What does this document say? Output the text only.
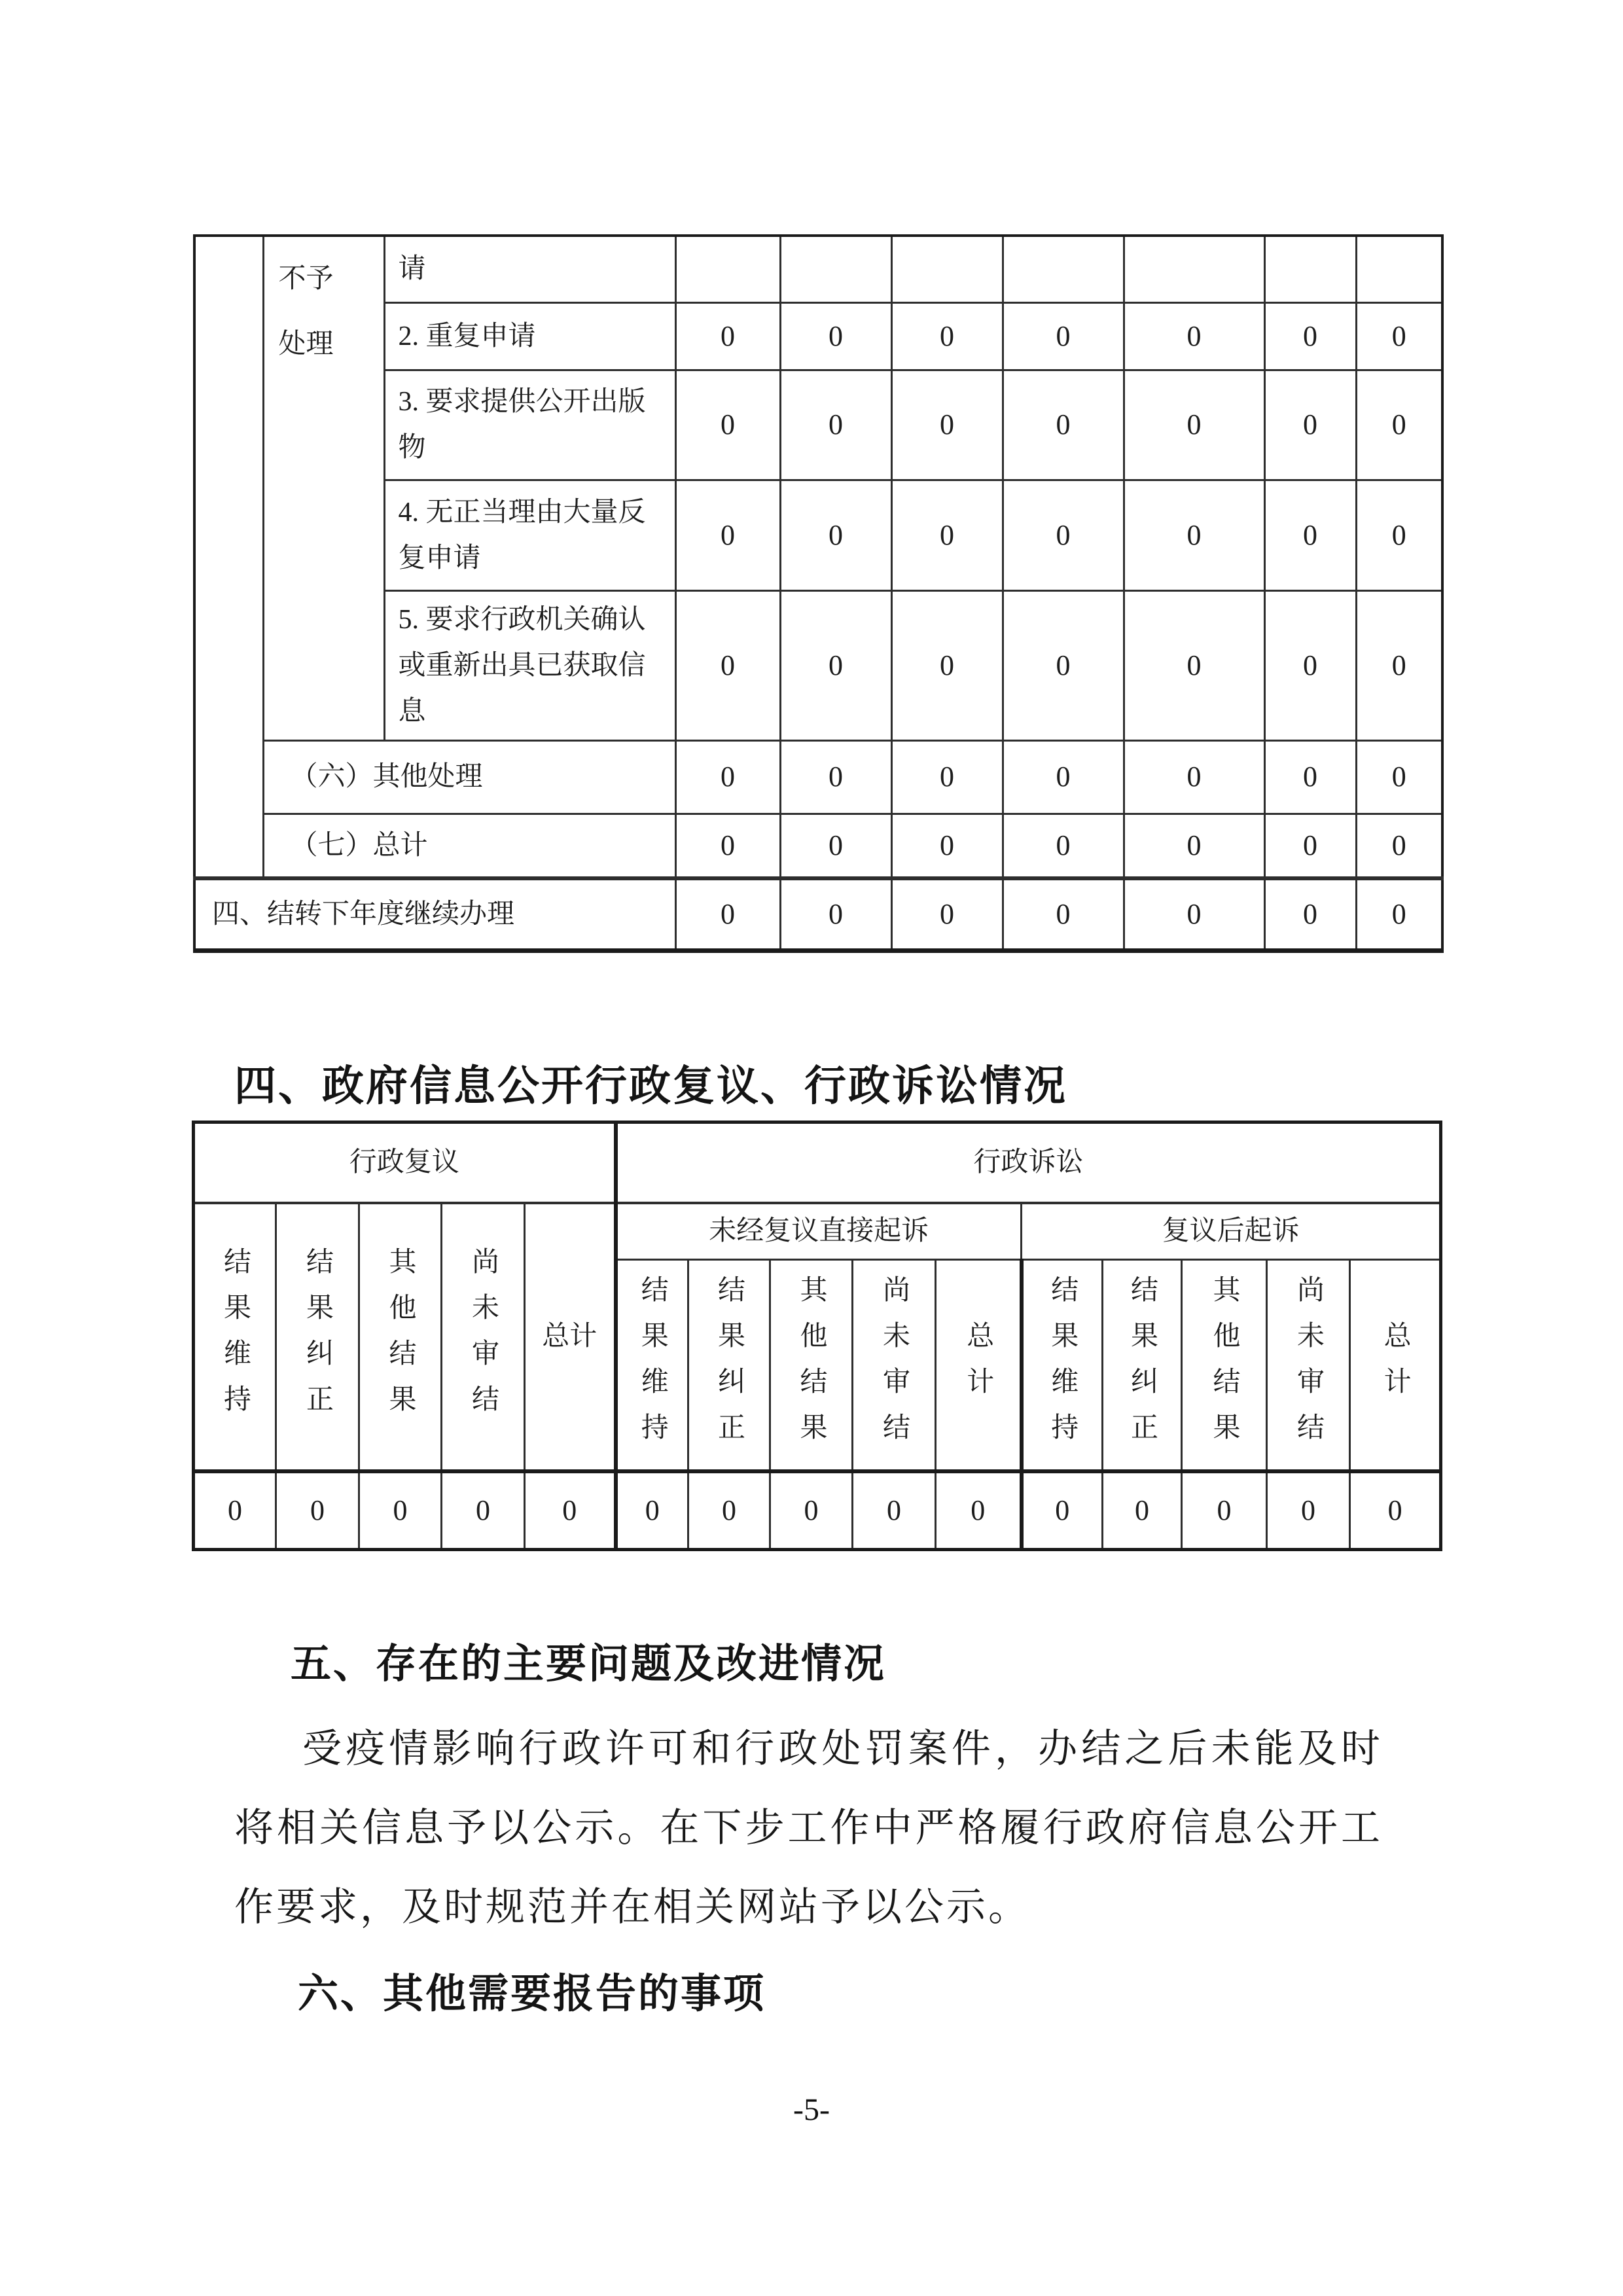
	不予处理	请							
		2. 重复申请	0	0	0	0	0	0	0
		3. 要求提供公开出版物	0	0	0	0	0	0	0
		4. 无正当理由大量反复申请	0	0	0	0	0	0	0
		5. 要求行政机关确认或重新出具已获取信息	0	0	0	0	0	0	0
	（六）其他处理		0	0	0	0	0	0	0
	（七）总计		0	0	0	0	0	0	0
四、结转下年度继续办理			0	0	0	0	0	0	0
四、政府信息公开行政复议、行政诉讼情况
行政复议					行政诉讼									
结果维持	结果纠正	其他结果	尚未审结	总计	未经复议直接起诉					复议后起诉				
					结果维持	结果纠正	其他结果	尚未审结	总计	结果维持	结果纠正	其他结果	尚未审结	总计
0	0	0	0	0	0	0	0	0	0	0	0	0	0	0
五、存在的主要问题及改进情况
受疫情影响行政许可和行政处罚案件，办结之后未能及时将相关信息予以公示。在下步工作中严格履行政府信息公开工作要求，及时规范并在相关网站予以公示。
六、其他需要报告的事项
-5-
